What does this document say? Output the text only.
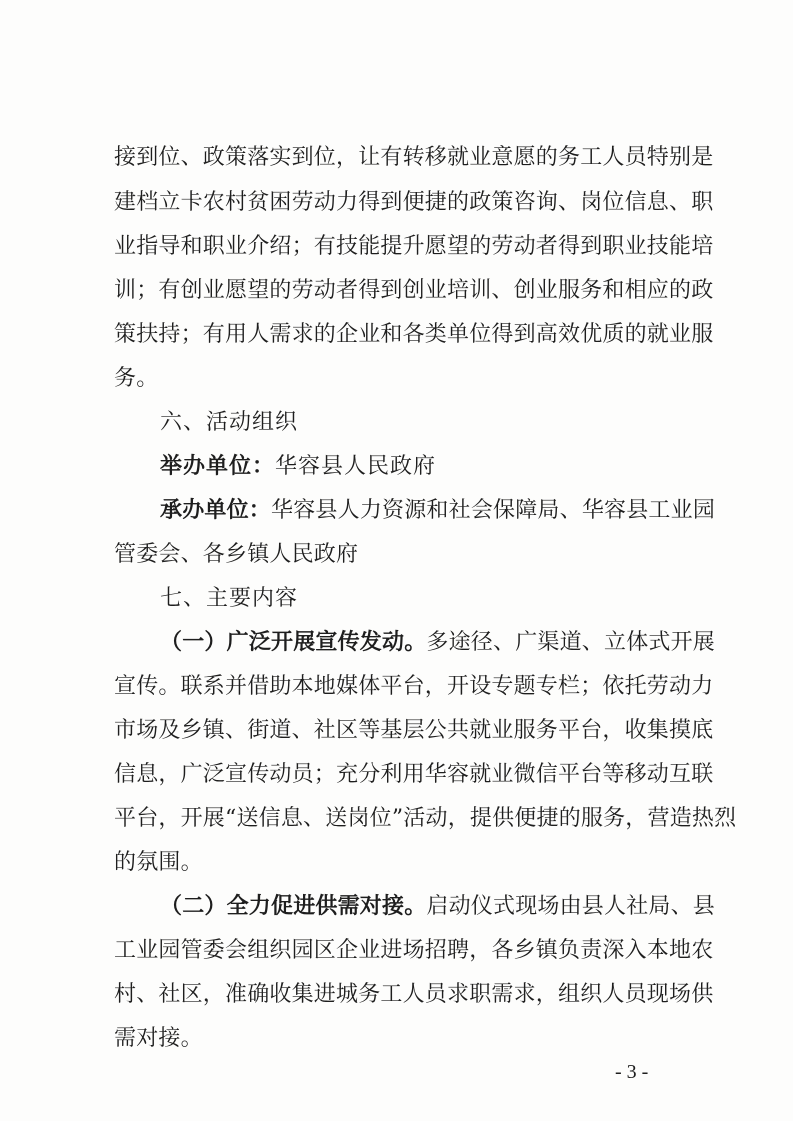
接到位、政策落实到位，让有转移就业意愿的务工人员特别是
建档立卡农村贫困劳动力得到便捷的政策咨询、岗位信息、职
业指导和职业介绍；有技能提升愿望的劳动者得到职业技能培
训；有创业愿望的劳动者得到创业培训、创业服务和相应的政
策扶持；有用人需求的企业和各类单位得到高效优质的就业服
务。
六、活动组织
举办单位：华容县人民政府
承办单位：华容县人力资源和社会保障局、华容县工业园
管委会、各乡镇人民政府
七、主要内容
（一）广泛开展宣传发动。多途径、广渠道、立体式开展
宣传。联系并借助本地媒体平台，开设专题专栏；依托劳动力
市场及乡镇、街道、社区等基层公共就业服务平台，收集摸底
信息，广泛宣传动员；充分利用华容就业微信平台等移动互联
平台，开展“送信息、送岗位”活动，提供便捷的服务，营造热烈
的氛围。
（二）全力促进供需对接。启动仪式现场由县人社局、县
工业园管委会组织园区企业进场招聘，各乡镇负责深入本地农
村、社区，准确收集进城务工人员求职需求，组织人员现场供
需对接。
- 3 -
